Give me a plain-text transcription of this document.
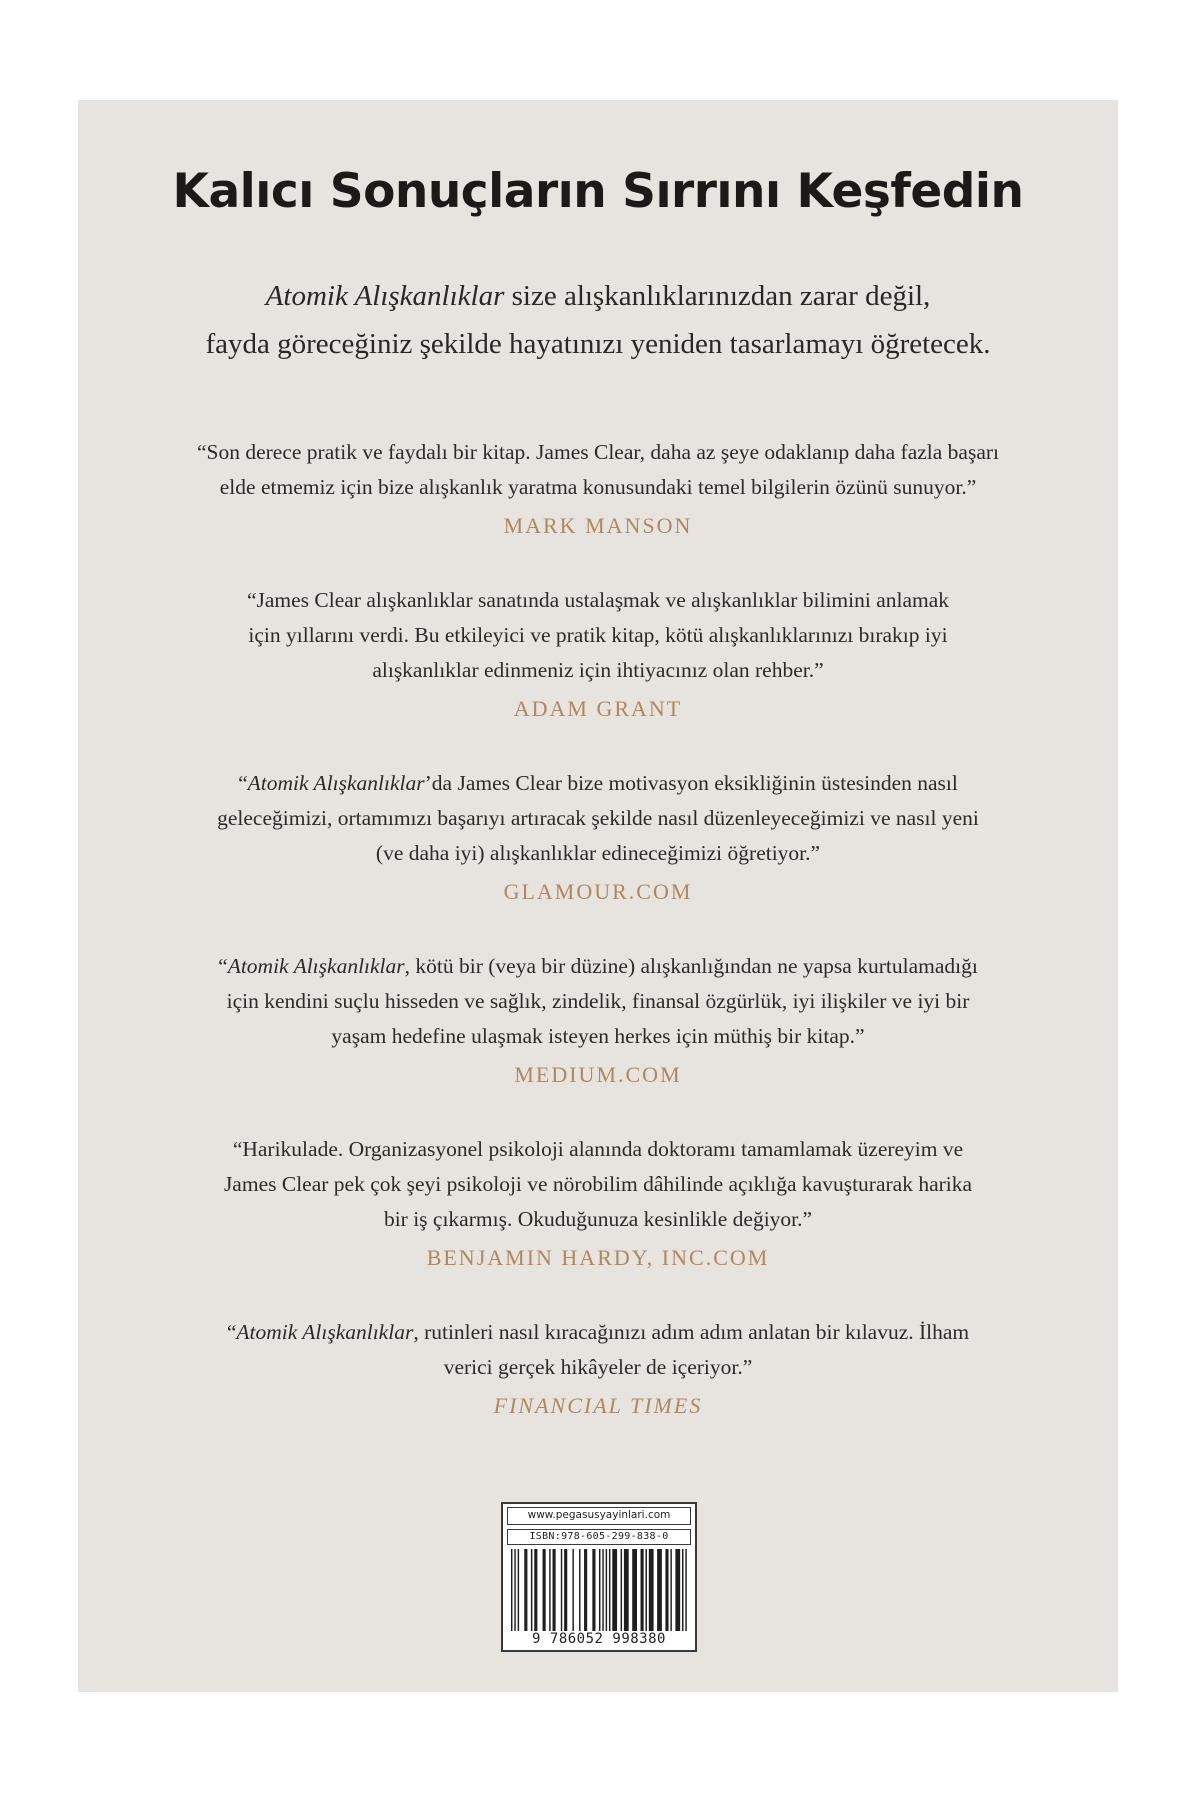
Kalıcı Sonuçların Sırrını Keşfedin

Atomik Alışkanlıklar size alışkanlıklarınızdan zarar değil,
fayda göreceğiniz şekilde hayatınızı yeniden tasarlamayı öğretecek.

“Son derece pratik ve faydalı bir kitap. James Clear, daha az şeye odaklanıp daha fazla başarı
elde etmemiz için bize alışkanlık yaratma konusundaki temel bilgilerin özünü sunuyor.”

MARK MANSON

“James Clear alışkanlıklar sanatında ustalaşmak ve alışkanlıklar bilimini anlamak
için yıllarını verdi. Bu etkileyici ve pratik kitap, kötü alışkanlıklarınızı bırakıp iyi
alışkanlıklar edinmeniz için ihtiyacınız olan rehber.”

ADAM GRANT

“Atomik Alışkanlıklar’da James Clear bize motivasyon eksikliğinin üstesinden nasıl
geleceğimizi, ortamımızı başarıyı artıracak şekilde nasıl düzenleyeceğimizi ve nasıl yeni
(ve daha iyi) alışkanlıklar edineceğimizi öğretiyor.”

GLAMOUR.COM

“Atomik Alışkanlıklar, kötü bir (veya bir düzine) alışkanlığından ne yapsa kurtulamadığı
için kendini suçlu hisseden ve sağlık, zindelik, finansal özgürlük, iyi ilişkiler ve iyi bir
yaşam hedefine ulaşmak isteyen herkes için müthiş bir kitap.”

MEDIUM.COM

“Harikulade. Organizasyonel psikoloji alanında doktoramı tamamlamak üzereyim ve
James Clear pek çok şeyi psikoloji ve nörobilim dâhilinde açıklığa kavuşturarak harika
bir iş çıkarmış. Okuduğunuza kesinlikle değiyor.”

BENJAMIN HARDY, INC.COM

“Atomik Alışkanlıklar, rutinleri nasıl kıracağınızı adım adım anlatan bir kılavuz. İlham
verici gerçek hikâyeler de içeriyor.”

FINANCIAL TIMES
www.pegasusyayinlari.com
ISBN:978-605-299-838-0
9 786052 998380
